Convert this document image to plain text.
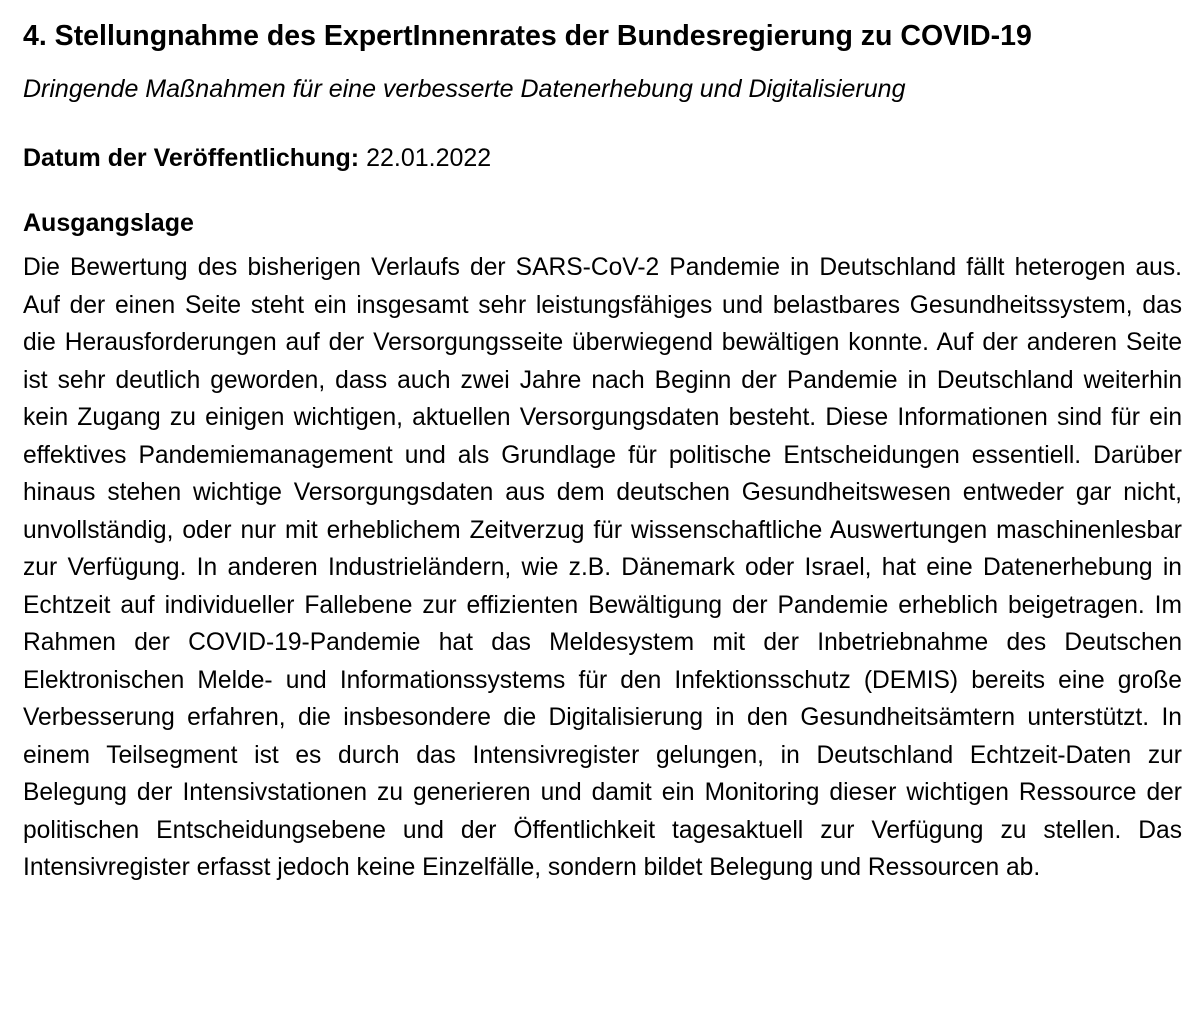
4. Stellungnahme des ExpertInnenrates der Bundesregierung zu COVID-19

Dringende Maßnahmen für eine verbesserte Datenerhebung und Digitalisierung

Datum der Veröffentlichung: 22.01.2022

Ausgangslage

Die Bewertung des bisherigen Verlaufs der SARS-CoV-2 Pandemie in Deutschland fällt heterogen aus. Auf der einen Seite steht ein insgesamt sehr leistungsfähiges und belastbares Gesundheitssystem, das die Herausforderungen auf der Versorgungsseite überwiegend bewältigen konnte. Auf der anderen Seite ist sehr deutlich geworden, dass auch zwei Jahre nach Beginn der Pandemie in Deutschland weiterhin kein Zugang zu einigen wichtigen, aktuellen Versorgungsdaten besteht. Diese Informationen sind für ein effektives Pandemiemanagement und als Grundlage für politische Entscheidungen essentiell. Darüber hinaus stehen wichtige Versorgungsdaten aus dem deutschen Gesundheitswesen entweder gar nicht, unvollständig, oder nur mit erheblichem Zeitverzug für wissenschaftliche Auswertungen maschinenlesbar zur Verfügung. In anderen Industrieländern, wie z.B. Dänemark oder Israel, hat eine Datenerhebung in Echtzeit auf individueller Fallebene zur effizienten Bewältigung der Pandemie erheblich beigetragen. Im Rahmen der COVID-19-Pandemie hat das Meldesystem mit der Inbetriebnahme des Deutschen Elektronischen Melde- und Informationssystems für den Infektionsschutz (DEMIS) bereits eine große Verbesserung erfahren, die insbesondere die Digitalisierung in den Gesundheitsämtern unterstützt. In einem Teilsegment ist es durch das Intensivregister gelungen, in Deutschland Echtzeit-Daten zur Belegung der Intensivstationen zu generieren und damit ein Monitoring dieser wichtigen Ressource der politischen Entscheidungsebene und der Öffentlichkeit tagesaktuell zur Verfügung zu stellen. Das Intensivregister erfasst jedoch keine Einzelfälle, sondern bildet Belegung und Ressourcen ab.
